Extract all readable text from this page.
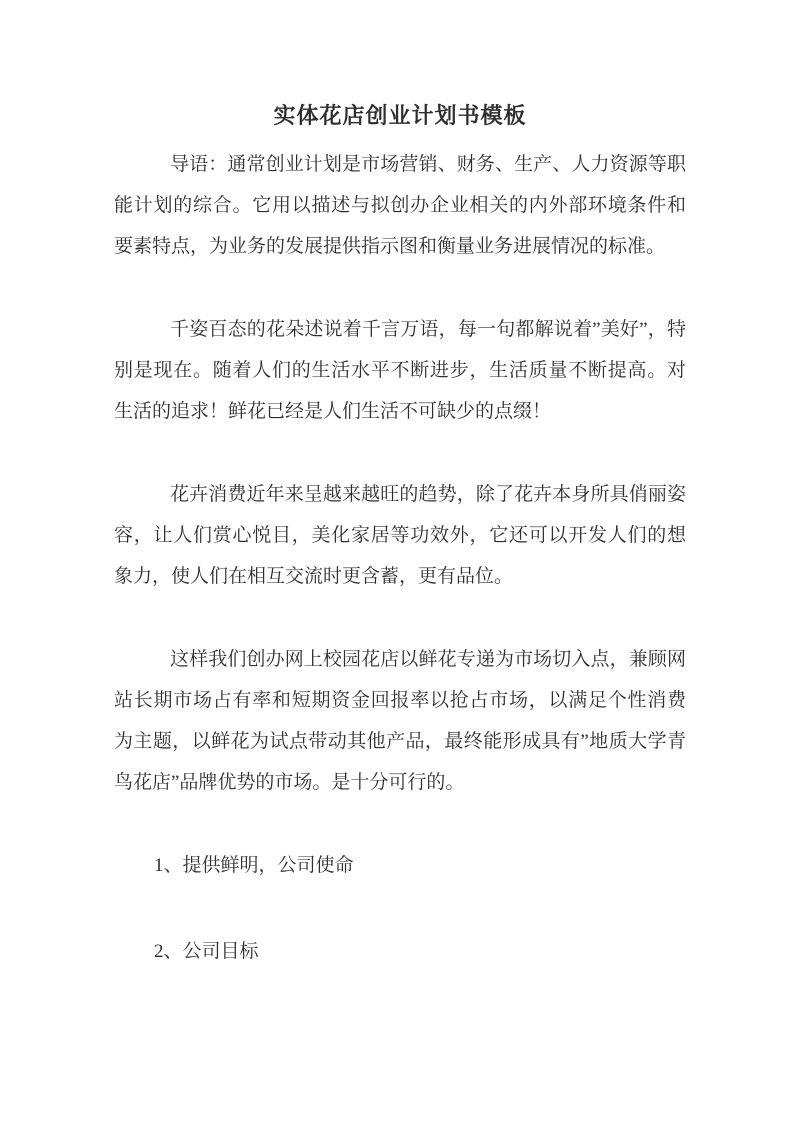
实体花店创业计划书模板
导语：通常创业计划是市场营销、财务、生产、人力资源等职
能计划的综合。它用以描述与拟创办企业相关的内外部环境条件和
要素特点，为业务的发展提供指示图和衡量业务进展情况的标准。
千姿百态的花朵述说着千言万语，每一句都解说着”美好”，特
别是现在。随着人们的生活水平不断进步，生活质量不断提高。对
生活的追求！鲜花已经是人们生活不可缺少的点缀！
花卉消费近年来呈越来越旺的趋势，除了花卉本身所具俏丽姿
容，让人们赏心悦目，美化家居等功效外，它还可以开发人们的想
象力，使人们在相互交流时更含蓄，更有品位。
这样我们创办网上校园花店以鲜花专递为市场切入点，兼顾网
站长期市场占有率和短期资金回报率以抢占市场，以满足个性消费
为主题，以鲜花为试点带动其他产品，最终能形成具有”地质大学青
鸟花店”品牌优势的市场。是十分可行的。
1、提供鲜明，公司使命
2、公司目标
